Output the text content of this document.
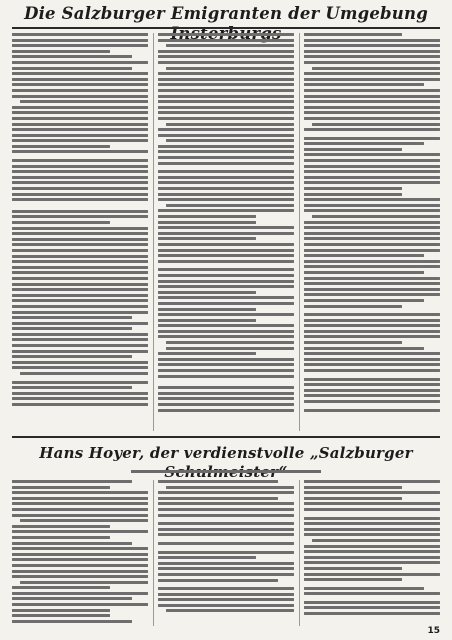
Die Salzburger Emigranten der Umgebung
Hans Hoyer, der verdienstvolle „Salzburger
15
